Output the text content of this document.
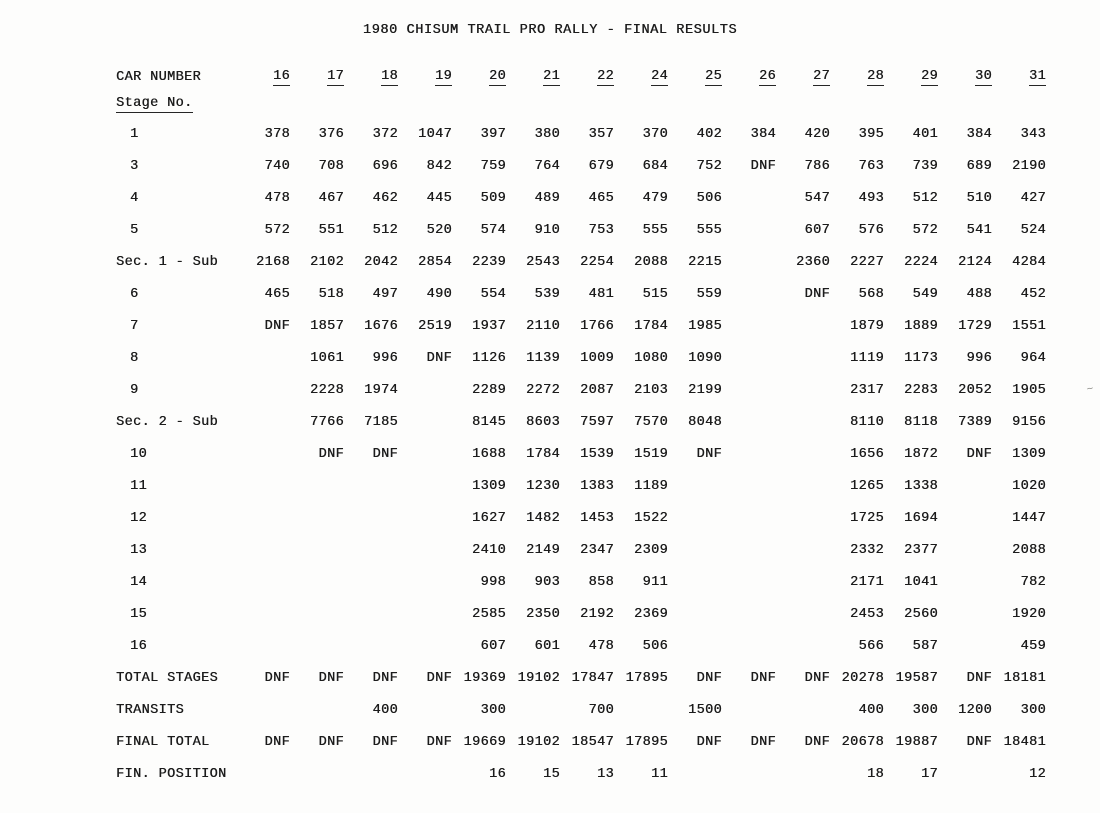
1980 CHISUM TRAIL PRO RALLY - FINAL RESULTS
CAR NUMBER	16	17	18	19	20	21	22	24	25	26	27	28	29	30	31
Stage No.															
1	378	376	372	1047	397	380	357	370	402	384	420	395	401	384	343
3	740	708	696	842	759	764	679	684	752	DNF	786	763	739	689	2190
4	478	467	462	445	509	489	465	479	506		547	493	512	510	427
5	572	551	512	520	574	910	753	555	555		607	576	572	541	524
Sec. 1 - Sub	2168	2102	2042	2854	2239	2543	2254	2088	2215		2360	2227	2224	2124	4284
6	465	518	497	490	554	539	481	515	559		DNF	568	549	488	452
7	DNF	1857	1676	2519	1937	2110	1766	1784	1985			1879	1889	1729	1551
8		1061	996	DNF	1126	1139	1009	1080	1090			1119	1173	996	964
9		2228	1974		2289	2272	2087	2103	2199			2317	2283	2052	1905
Sec. 2 - Sub		7766	7185		8145	8603	7597	7570	8048			8110	8118	7389	9156
10		DNF	DNF		1688	1784	1539	1519	DNF			1656	1872	DNF	1309
11					1309	1230	1383	1189				1265	1338		1020
12					1627	1482	1453	1522				1725	1694		1447
13					2410	2149	2347	2309				2332	2377		2088
14					998	903	858	911				2171	1041		782
15					2585	2350	2192	2369				2453	2560		1920
16					607	601	478	506				566	587		459
TOTAL STAGES	DNF	DNF	DNF	DNF	19369	19102	17847	17895	DNF	DNF	DNF	20278	19587	DNF	18181
TRANSITS			400		300		700		1500			400	300	1200	300
FINAL TOTAL	DNF	DNF	DNF	DNF	19669	19102	18547	17895	DNF	DNF	DNF	20678	19887	DNF	18481
FIN. POSITION					16	15	13	11				18	17		12
~
